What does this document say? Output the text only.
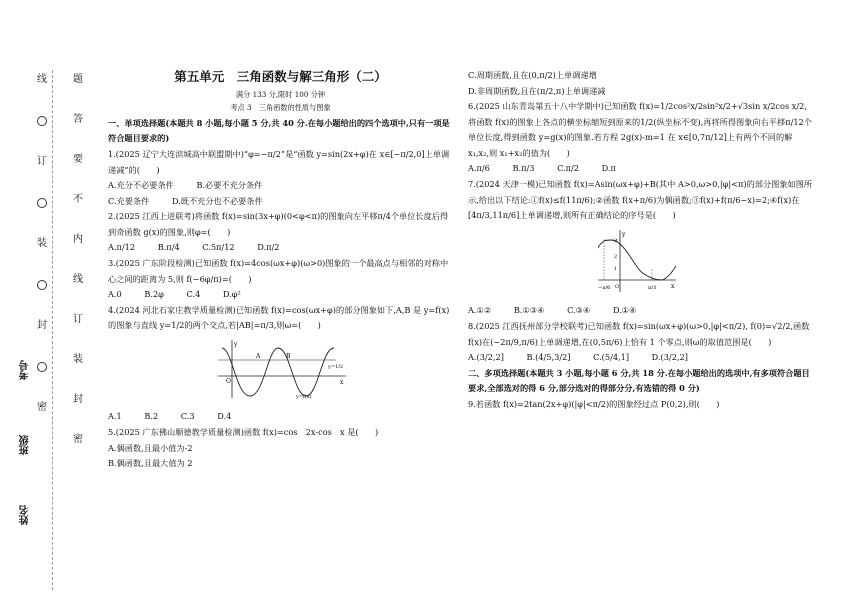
线
订
装
封
密
题
答
要
不
内
线
订
装
封
密
考号
班级
姓名

第五单元　三角函数与解三角形（二）

满分 133 分,限时 100 分钟

考点 3　三角函数的性质与图象

一、单项选择题(本题共 8 小题,每小题 5 分,共 40 分.在每小题给出的四个选项中,只有一项是符合题目要求的)

1.(2025 辽宁大连滨城高中联盟期中)“φ=−π/2”是“函数 y=sin(2x+φ)在 x∈[−π/2,0]上单调递减”的(　　)

A.充分不必要条件	B.必要不充分条件

C.充要条件	D.既不充分也不必要条件

2.(2025 江西上进联考)将函数 f(x)=sin(3x+φ)(0<φ<π)的图象向左平移π/4个单位长度后得到奇函数 g(x)的图象,则φ=(　　)

A.π/12	B.π/4	C.5π/12	D.π/2

3.(2025 广东阶段检测)已知函数 f(x)=4cos(ωx+φ)(ω>0)图象的一个最高点与相邻的对称中心之间的距离为 5,则 f(−6φ/π)=(　　)

A.0	B.2φ	C.4	D.φ²

4.(2024 河北石家庄教学质量检测)已知函数 f(x)=cos(ωx+φ)的部分图象如下,A,B 是 y=f(x)的图象与直线 y=1/2的两个交点,若|AB|=π/3,则ω=(　　)

y
A	B
O	x
y=f(x)
y=1/2

A.1	B.2	C.3	D.4

5.(2025 广东佛山顺德教学质量检测)函数 f(x)=cos　2x-cos　x 是(　　)

A.偶函数,且最小值为-2

B.偶函数,且最大值为 2

C.周期函数,且在(0,π/2)上单调递增

D.非周期函数,且在(π/2,π)上单调递减

6.(2025 山东青岛第五十八中学期中)已知函数 f(x)=1/2cos²x/2sin²x/2+√3sin x/2cos x/2,将函数 f(x)的图象上各点的横坐标缩短到原来的1/2(纵坐标不变),再将所得图象向右平移π/12个单位长度,得到函数 y=g(x)的图象.若方程 2g(x)-m=1 在 x∈[0,7π/12]上有两个不同的解 x₁,x₂,则 x₁+x₂的值为(　　)

A.π/6	B.π/3	C.π/2	D.π

7.(2024 天津一模)已知函数 f(x)=Asin(ωx+φ)+B(其中 A>0,ω>0,|φ|<π)的部分图象如图所示,给出以下结论:①f(x)≤f(11π/6);②函数 f(x+π/6)为偶函数;③f(x)+f(π/6−x)=2;④f(x)在[4π/3,11π/6]上单调递增,则所有正确结论的序号是(　　)

y
3
2
1
−π/6 O	π/3 x

A.①②	B.①③④	C.③④	D.①④

8.(2025 江西抚州部分学校联考)已知函数 f(x)=sin(ωx+φ)(ω>0,|φ|<π/2), f(0)=√2/2,函数 f(x)在(−2π/9,π/6)上单调递增,在(0,5π/6)上恰有 1 个零点,则ω的取值范围是(　　)

A.(3/2,2]	B.(4/5,3/2]	C.(5/4,1]	D.(3/2,2]

二、多项选择题(本题共 3 小题,每小题 6 分,共 18 分.在每小题给出的选项中,有多项符合题目要求,全部选对的得 6 分,部分选对的得部分分,有选错的得 0 分)

9.若函数 f(x)=2tan(2x+φ)(|φ|<π/2)的图象经过点 P(0,2),则(　　)
